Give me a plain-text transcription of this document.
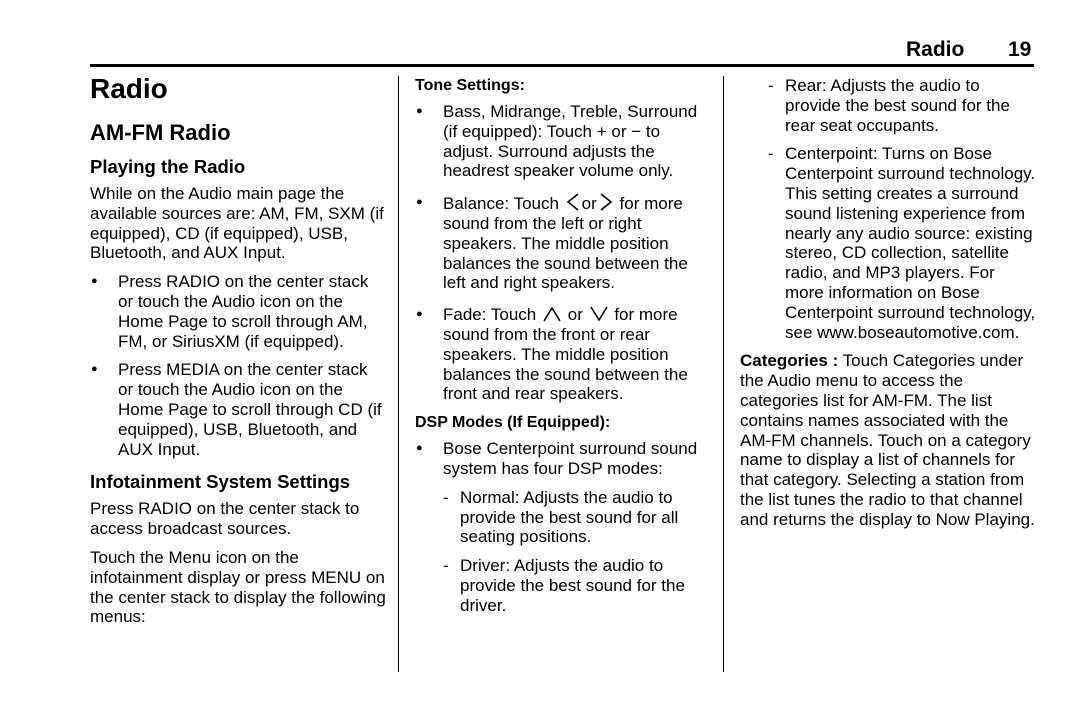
Radio 19
Radio
AM-FM Radio
Playing the Radio

While on the Audio main page the available sources are: AM, FM, SXM (if equipped), CD (if equipped), USB, Bluetooth, and AUX Input.

● Press RADIO on the center stack or touch the Audio icon on the Home Page to scroll through AM, FM, or SiriusXM (if equipped).
● Press MEDIA on the center stack or touch the Audio icon on the Home Page to scroll through CD (if equipped), USB, Bluetooth, and AUX Input.
Infotainment System Settings

Press RADIO on the center stack to access broadcast sources.

Touch the Menu icon on the infotainment display or press MENU on the center stack to display the following menus:

Tone Settings:
● Bass, Midrange, Treble, Surround (if equipped): Touch + or − to adjust. Surround adjusts the headrest speaker volume only.
● Balance: Touch or for more sound from the left or right speakers. The middle position balances the sound between the left and right speakers.
● Fade: Touch or for more sound from the front or rear speakers. The middle position balances the sound between the front and rear speakers.
DSP Modes (If Equipped):
● Bose Centerpoint surround sound system has four DSP modes:
- Normal: Adjusts the audio to provide the best sound for all seating positions.
- Driver: Adjusts the audio to provide the best sound for the driver.
- Rear: Adjusts the audio to provide the best sound for the rear seat occupants.
- Centerpoint: Turns on Bose Centerpoint surround technology. This setting creates a surround sound listening experience from nearly any audio source: existing stereo, CD collection, satellite radio, and MP3 players. For more information on Bose Centerpoint surround technology, see www.boseautomotive.com.

Categories : Touch Categories under the Audio menu to access the categories list for AM-FM. The list contains names associated with the AM-FM channels. Touch on a category name to display a list of channels for that category. Selecting a station from the list tunes the radio to that channel and returns the display to Now Playing.
